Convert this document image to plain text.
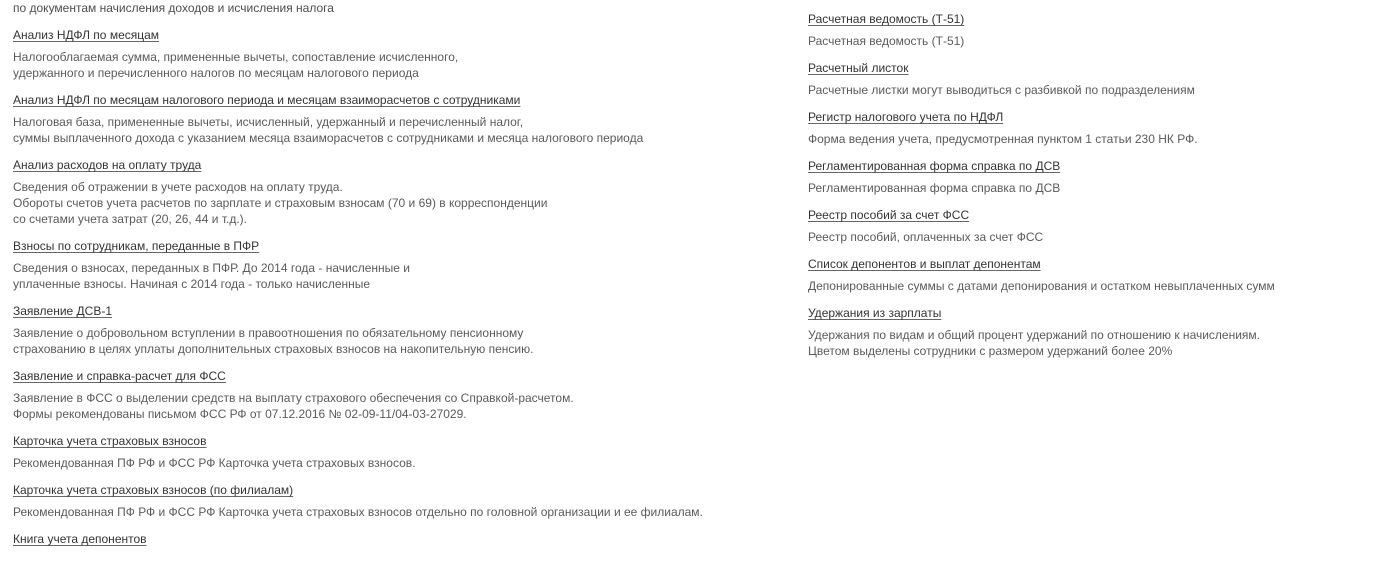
по документам начисления доходов и исчисления налога
Анализ НДФЛ по месяцам
Налогооблагаемая сумма, примененные вычеты, сопоставление исчисленного,
удержанного и перечисленного налогов по месяцам налогового периода
Анализ НДФЛ по месяцам налогового периода и месяцам взаиморасчетов с сотрудниками
Налоговая база, примененные вычеты, исчисленный, удержанный и перечисленный налог,
суммы выплаченного дохода с указанием месяца взаиморасчетов с сотрудниками и месяца налогового периода
Анализ расходов на оплату труда
Сведения об отражении в учете расходов на оплату труда.
Обороты счетов учета расчетов по зарплате и страховым взносам (70 и 69) в корреспонденции
со счетами учета затрат (20, 26, 44 и т.д.).
Взносы по сотрудникам, переданные в ПФР
Сведения о взносах, переданных в ПФР. До 2014 года - начисленные и
уплаченные взносы. Начиная с 2014 года - только начисленные
Заявление ДСВ-1
Заявление о добровольном вступлении в правоотношения по обязательному пенсионному
страхованию в целях уплаты дополнительных страховых взносов на накопительную пенсию.
Заявление и справка-расчет для ФСС
Заявление в ФСС о выделении средств на выплату страхового обеспечения со Справкой-расчетом.
Формы рекомендованы письмом ФСС РФ от 07.12.2016 № 02-09-11/04-03-27029.
Карточка учета страховых взносов
Рекомендованная ПФ РФ и ФСС РФ Карточка учета страховых взносов.
Карточка учета страховых взносов (по филиалам)
Рекомендованная ПФ РФ и ФСС РФ Карточка учета страховых взносов отдельно по головной организации и ее филиалам.
Книга учета депонентов
Расчетная ведомость (Т-51)
Расчетная ведомость (Т-51)
Расчетный листок
Расчетные листки могут выводиться с разбивкой по подразделениям
Регистр налогового учета по НДФЛ
Форма ведения учета, предусмотренная пунктом 1 статьи 230 НК РФ.
Регламентированная форма справка по ДСВ
Регламентированная форма справка по ДСВ
Реестр пособий за счет ФСС
Реестр пособий, оплаченных за счет ФСС
Список депонентов и выплат депонентам
Депонированные суммы с датами депонирования и остатком невыплаченных сумм
Удержания из зарплаты
Удержания по видам и общий процент удержаний по отношению к начислениям.
Цветом выделены сотрудники с размером удержаний более 20%
